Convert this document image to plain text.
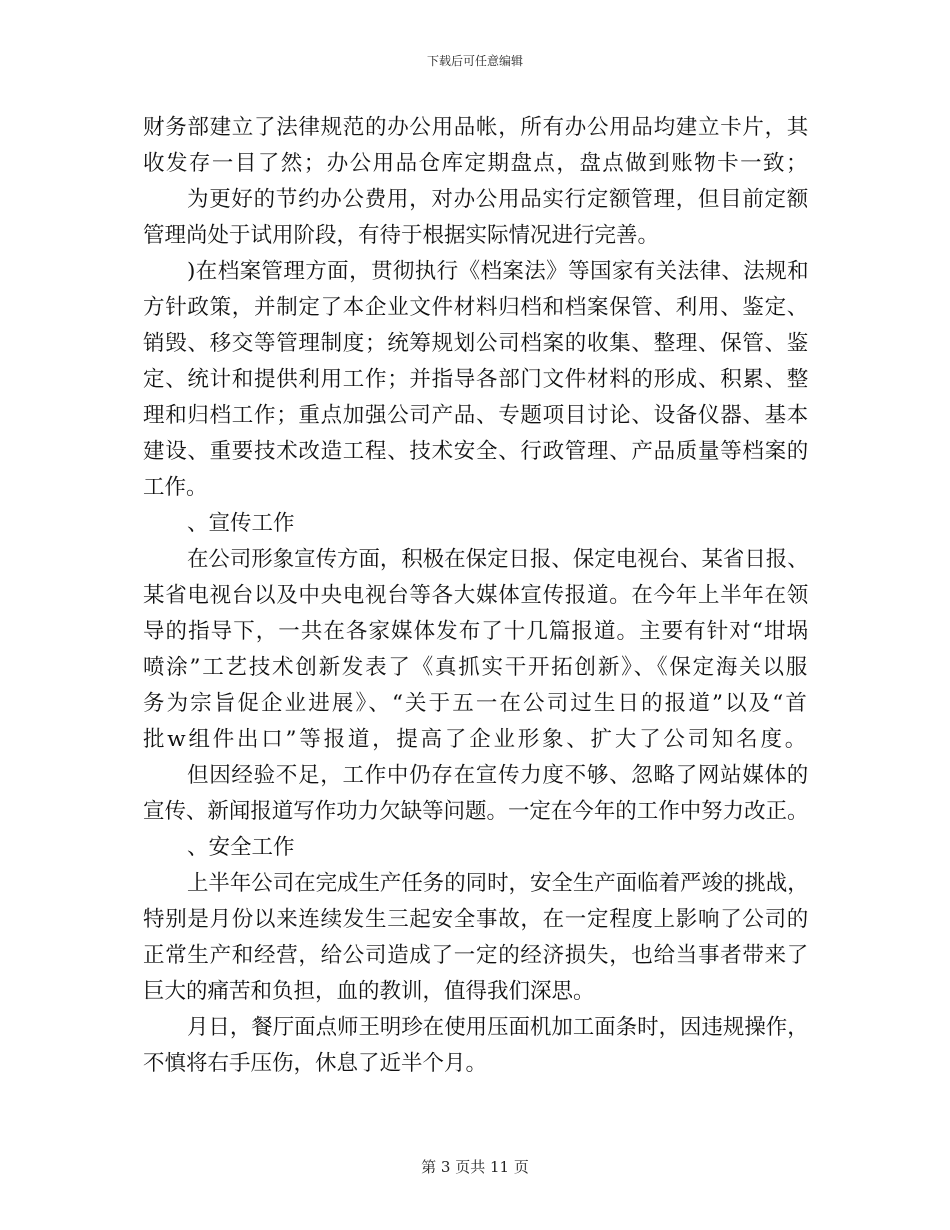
下载后可任意编辑
财务部建立了法律规范的办公用品帐，所有办公用品均建立卡片，其
收发存一目了然；办公用品仓库定期盘点，盘点做到账物卡一致；
为更好的节约办公费用，对办公用品实行定额管理，但目前定额
管理尚处于试用阶段，有待于根据实际情况进行完善。
)在档案管理方面，贯彻执行《档案法》等国家有关法律、法规和
方针政策，并制定了本企业文件材料归档和档案保管、利用、鉴定、
销毁、移交等管理制度；统筹规划公司档案的收集、整理、保管、鉴
定、统计和提供利用工作；并指导各部门文件材料的形成、积累、整
理和归档工作；重点加强公司产品、专题项目讨论、设备仪器、基本
建设、重要技术改造工程、技术安全、行政管理、产品质量等档案的
工作。
、宣传工作
在公司形象宣传方面，积极在保定日报、保定电视台、某省日报、
某省电视台以及中央电视台等各大媒体宣传报道。在今年上半年在领
导的指导下，一共在各家媒体发布了十几篇报道。主要有针对“坩埚
喷涂”工艺技术创新发表了《真抓实干开拓创新》、《保定海关以服
务为宗旨促企业进展》、“关于五一在公司过生日的报道”以及“首
批w组件出口”等报道，提高了企业形象、扩大了公司知名度。
但因经验不足，工作中仍存在宣传力度不够、忽略了网站媒体的
宣传、新闻报道写作功力欠缺等问题。一定在今年的工作中努力改正。
、安全工作
上半年公司在完成生产任务的同时，安全生产面临着严竣的挑战，
特别是月份以来连续发生三起安全事故，在一定程度上影响了公司的
正常生产和经营，给公司造成了一定的经济损失，也给当事者带来了
巨大的痛苦和负担，血的教训，值得我们深思。
月日，餐厅面点师王明珍在使用压面机加工面条时，因违规操作，
不慎将右手压伤，休息了近半个月。
第 3 页共 11 页
